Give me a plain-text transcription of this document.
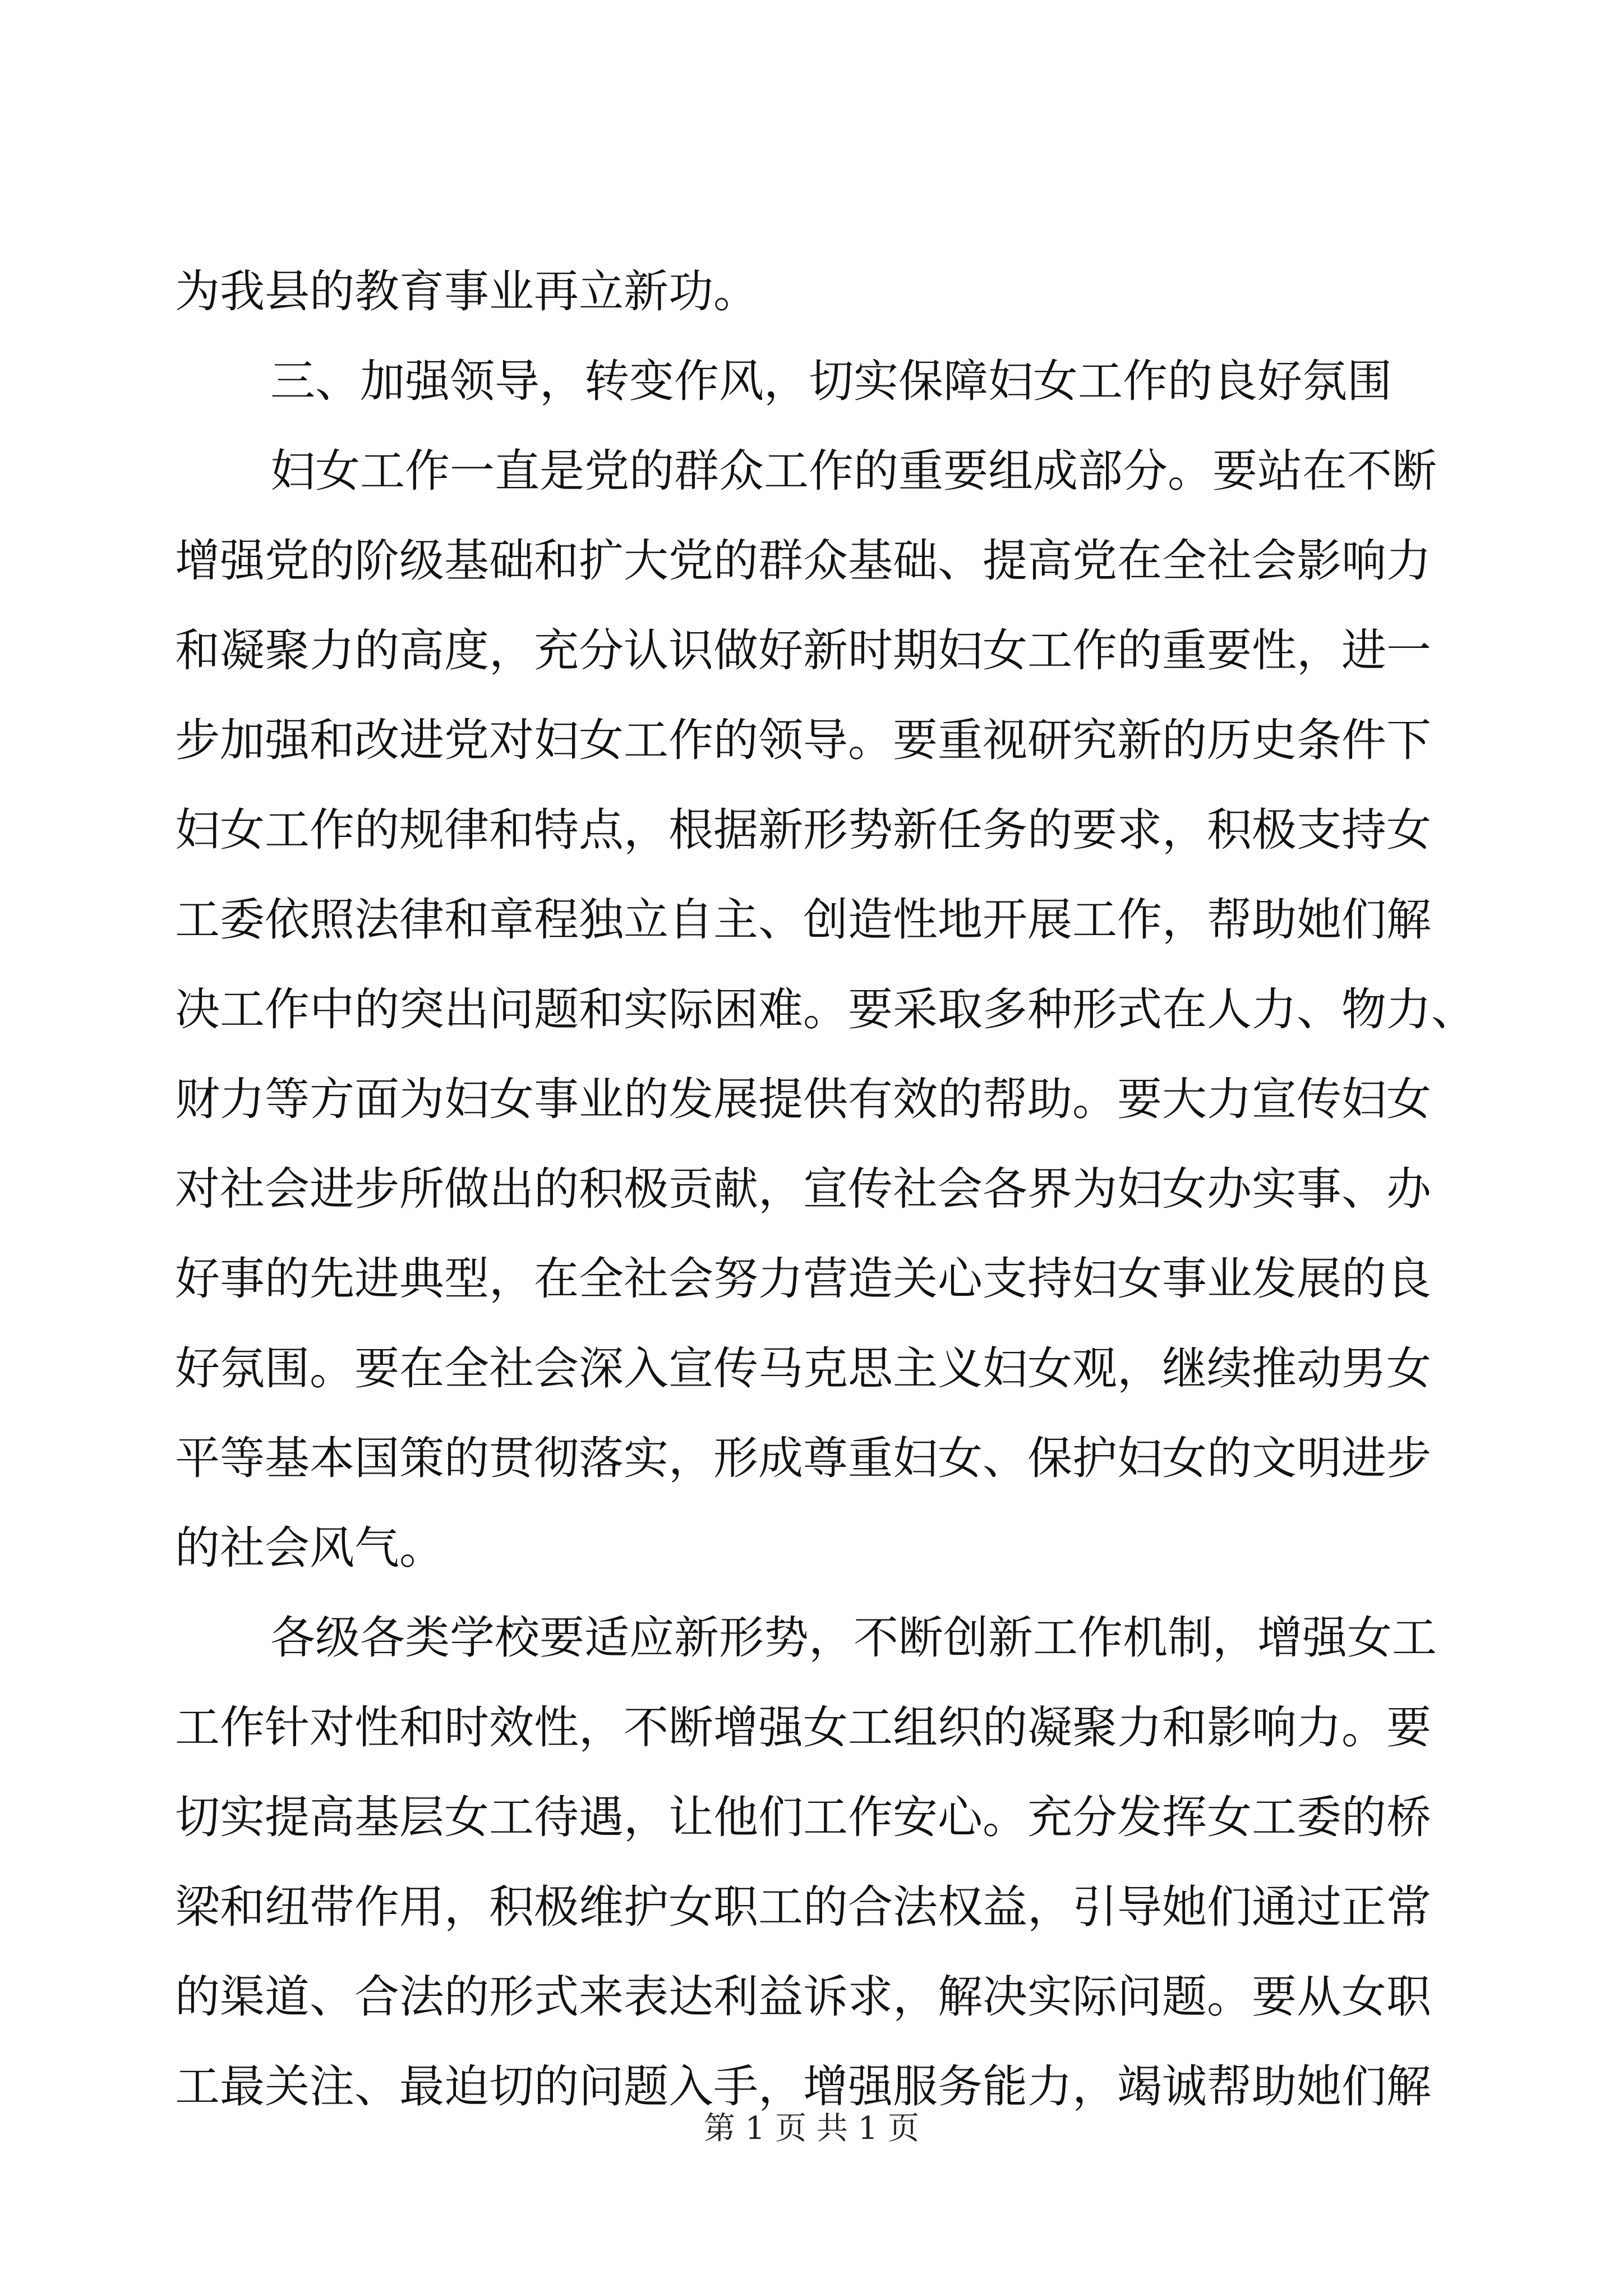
为我县的教育事业再立新功。
三、加强领导，转变作风，切实保障妇女工作的良好氛围
妇女工作一直是党的群众工作的重要组成部分。要站在不断
增强党的阶级基础和扩大党的群众基础、提高党在全社会影响力
和凝聚力的高度，充分认识做好新时期妇女工作的重要性，进一
步加强和改进党对妇女工作的领导。要重视研究新的历史条件下
妇女工作的规律和特点，根据新形势新任务的要求，积极支持女
工委依照法律和章程独立自主、创造性地开展工作，帮助她们解
决工作中的突出问题和实际困难。要采取多种形式在人力、物力、
财力等方面为妇女事业的发展提供有效的帮助。要大力宣传妇女
对社会进步所做出的积极贡献，宣传社会各界为妇女办实事、办
好事的先进典型，在全社会努力营造关心支持妇女事业发展的良
好氛围。要在全社会深入宣传马克思主义妇女观，继续推动男女
平等基本国策的贯彻落实，形成尊重妇女、保护妇女的文明进步
的社会风气。
各级各类学校要适应新形势，不断创新工作机制，增强女工
工作针对性和时效性，不断增强女工组织的凝聚力和影响力。要
切实提高基层女工待遇，让他们工作安心。充分发挥女工委的桥
梁和纽带作用，积极维护女职工的合法权益，引导她们通过正常
的渠道、合法的形式来表达利益诉求，解决实际问题。要从女职
工最关注、最迫切的问题入手，增强服务能力，竭诚帮助她们解
第 1 页 共 1 页
